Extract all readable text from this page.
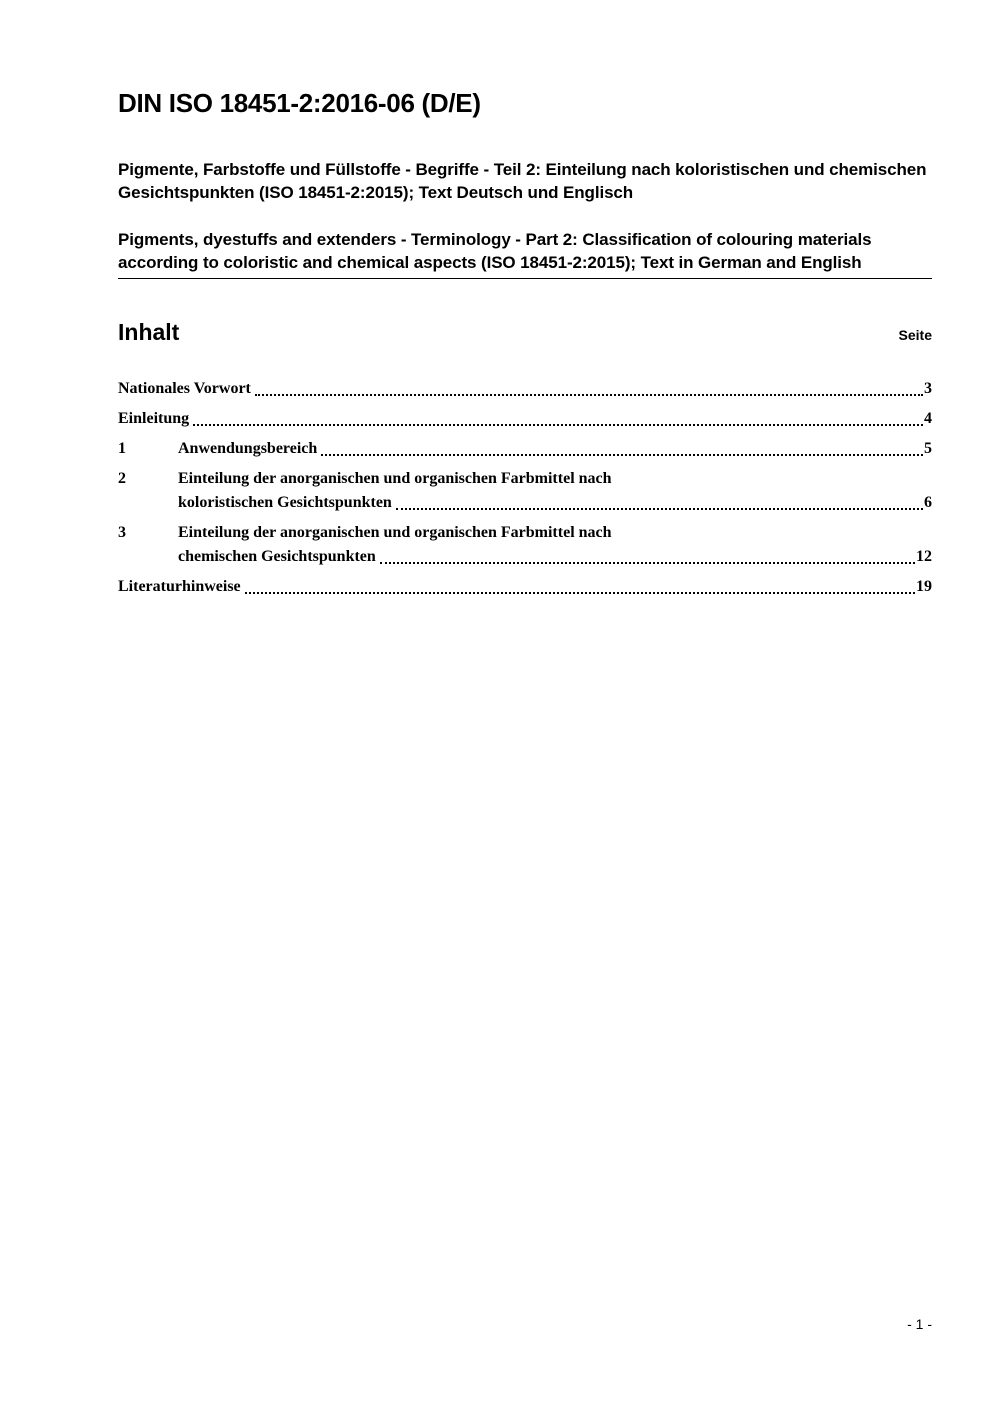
DIN ISO 18451-2:2016-06 (D/E)

Pigmente, Farbstoffe und Füllstoffe - Begriffe - Teil 2: Einteilung nach koloristischen und chemischen Gesichtspunkten (ISO 18451-2:2015); Text Deutsch und Englisch

Pigments, dyestuffs and extenders - Terminology - Part 2: Classification of colouring materials according to coloristic and chemical aspects (ISO 18451-2:2015); Text in German and English

Inhalt	Seite
Nationales Vorwort	3
Einleitung	4
1	Anwendungsbereich	5
2	Einteilung der anorganischen und organischen Farbmittel nach
koloristischen Gesichtspunkten	6
3	Einteilung der anorganischen und organischen Farbmittel nach
chemischen Gesichtspunkten	12
Literaturhinweise	19
- 1 -
